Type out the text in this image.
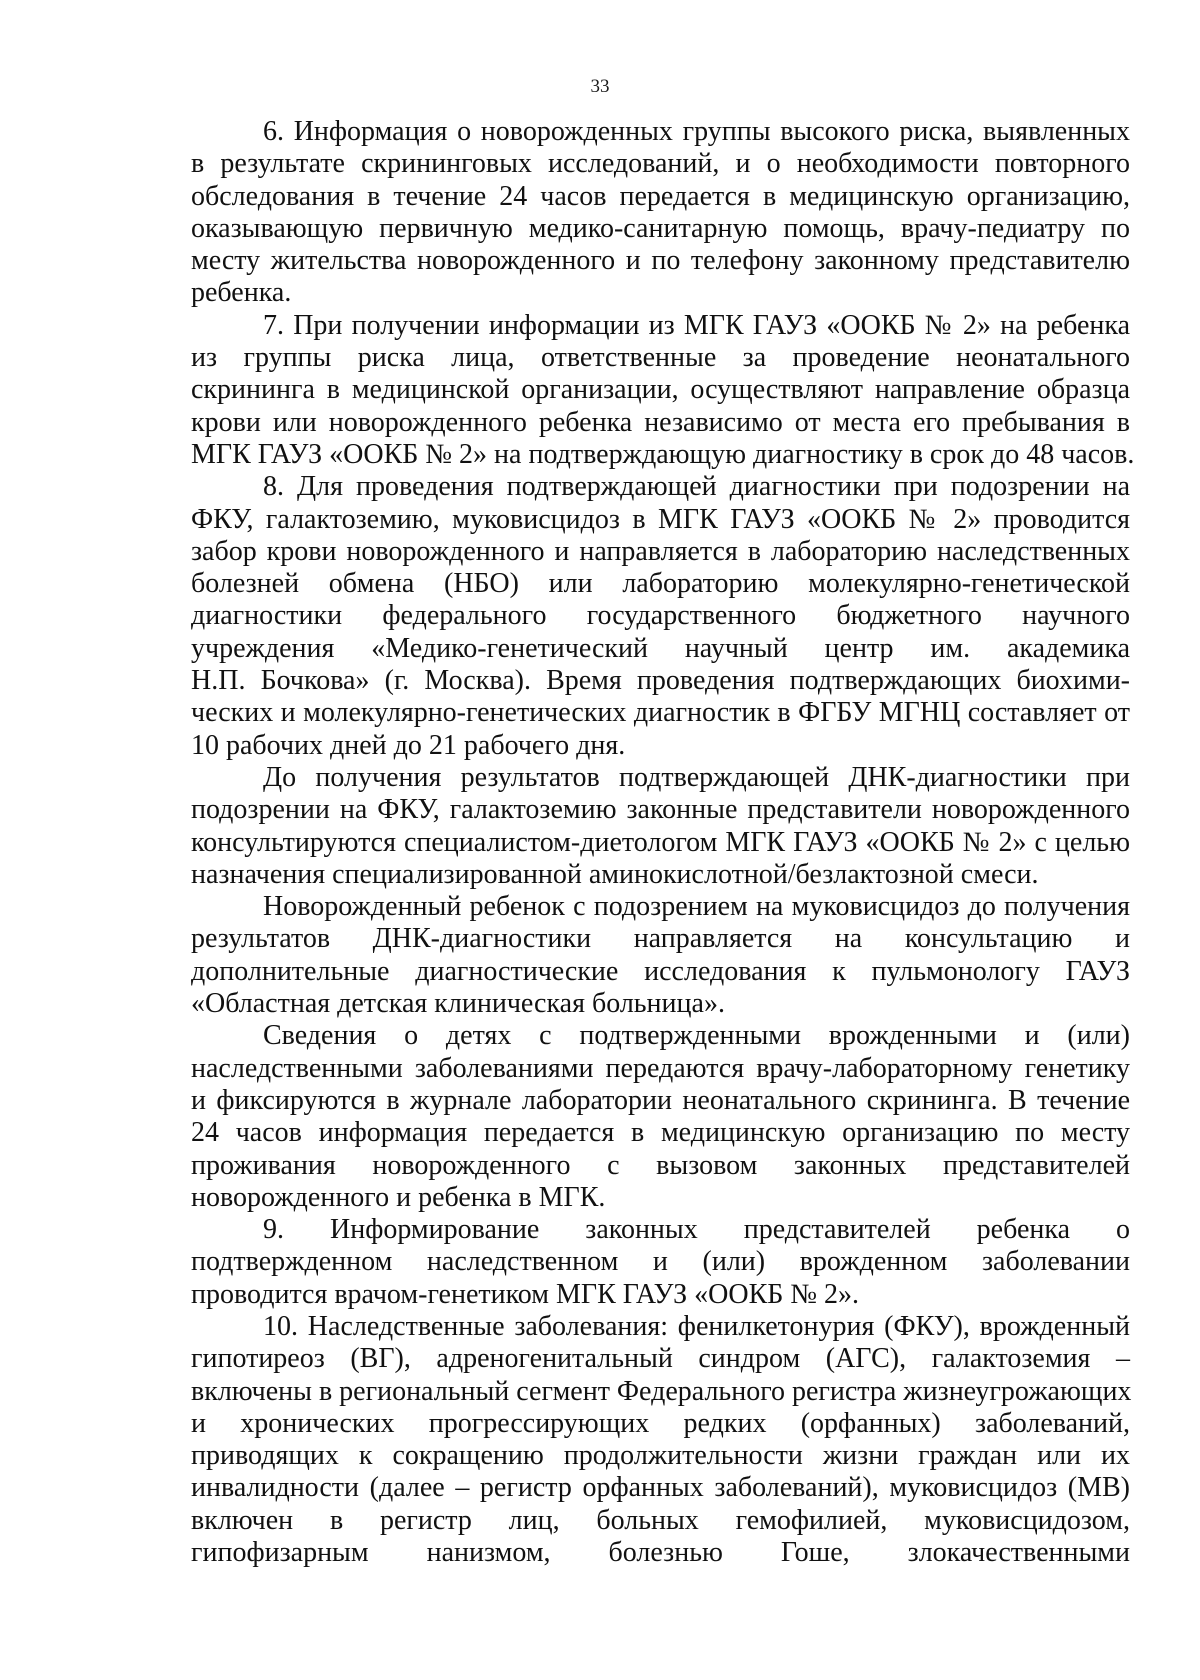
33
6. Информация о новорожденных группы высокого риска, выявленных
в результате скрининговых исследований, и о необходимости повторного
обследования в течение 24 часов передается в медицинскую организацию,
оказывающую первичную медико-санитарную помощь, врачу-педиатру по
месту жительства новорожденного и по телефону законному представителю
ребенка.
7. При получении информации из МГК ГАУЗ «ООКБ № 2» на ребенка
из группы риска лица, ответственные за проведение неонатального
скрининга в медицинской организации, осуществляют направление образца
крови или новорожденного ребенка независимо от места его пребывания в
МГК ГАУЗ «ООКБ № 2» на подтверждающую диагностику в срок до 48 часов.
8. Для проведения подтверждающей диагностики при подозрении на
ФКУ, галактоземию, муковисцидоз в МГК ГАУЗ «ООКБ № 2» проводится
забор крови новорожденного и направляется в лабораторию наследственных
болезней обмена (НБО) или лабораторию молекулярно-генетической
диагностики федерального государственного бюджетного научного
учреждения «Медико-генетический научный центр им. академика
Н.П. Бочкова» (г. Москва). Время проведения подтверждающих биохими-
ческих и молекулярно-генетических диагностик в ФГБУ МГНЦ составляет от
10 рабочих дней до 21 рабочего дня.
До получения результатов подтверждающей ДНК-диагностики при
подозрении на ФКУ, галактоземию законные представители новорожденного
консультируются специалистом-диетологом МГК ГАУЗ «ООКБ № 2» с целью
назначения специализированной аминокислотной/безлактозной смеси.
Новорожденный ребенок с подозрением на муковисцидоз до получения
результатов ДНК-диагностики направляется на консультацию и
дополнительные диагностические исследования к пульмонологу ГАУЗ
«Областная детская клиническая больница».
Сведения о детях с подтвержденными врожденными и (или)
наследственными заболеваниями передаются врачу-лабораторному генетику
и фиксируются в журнале лаборатории неонатального скрининга. В течение
24 часов информация передается в медицинскую организацию по месту
проживания новорожденного с вызовом законных представителей
новорожденного и ребенка в МГК.
9. Информирование законных представителей ребенка о
подтвержденном наследственном и (или) врожденном заболевании
проводится врачом-генетиком МГК ГАУЗ «ООКБ № 2».
10. Наследственные заболевания: фенилкетонурия (ФКУ), врожденный
гипотиреоз (ВГ), адреногенитальный синдром (АГС), галактоземия –
включены в региональный сегмент Федерального регистра жизнеугрожающих
и хронических прогрессирующих редких (орфанных) заболеваний,
приводящих к сокращению продолжительности жизни граждан или их
инвалидности (далее – регистр орфанных заболеваний), муковисцидоз (МВ)
включен в регистр лиц, больных гемофилией, муковисцидозом,
гипофизарным нанизмом, болезнью Гоше, злокачественными
